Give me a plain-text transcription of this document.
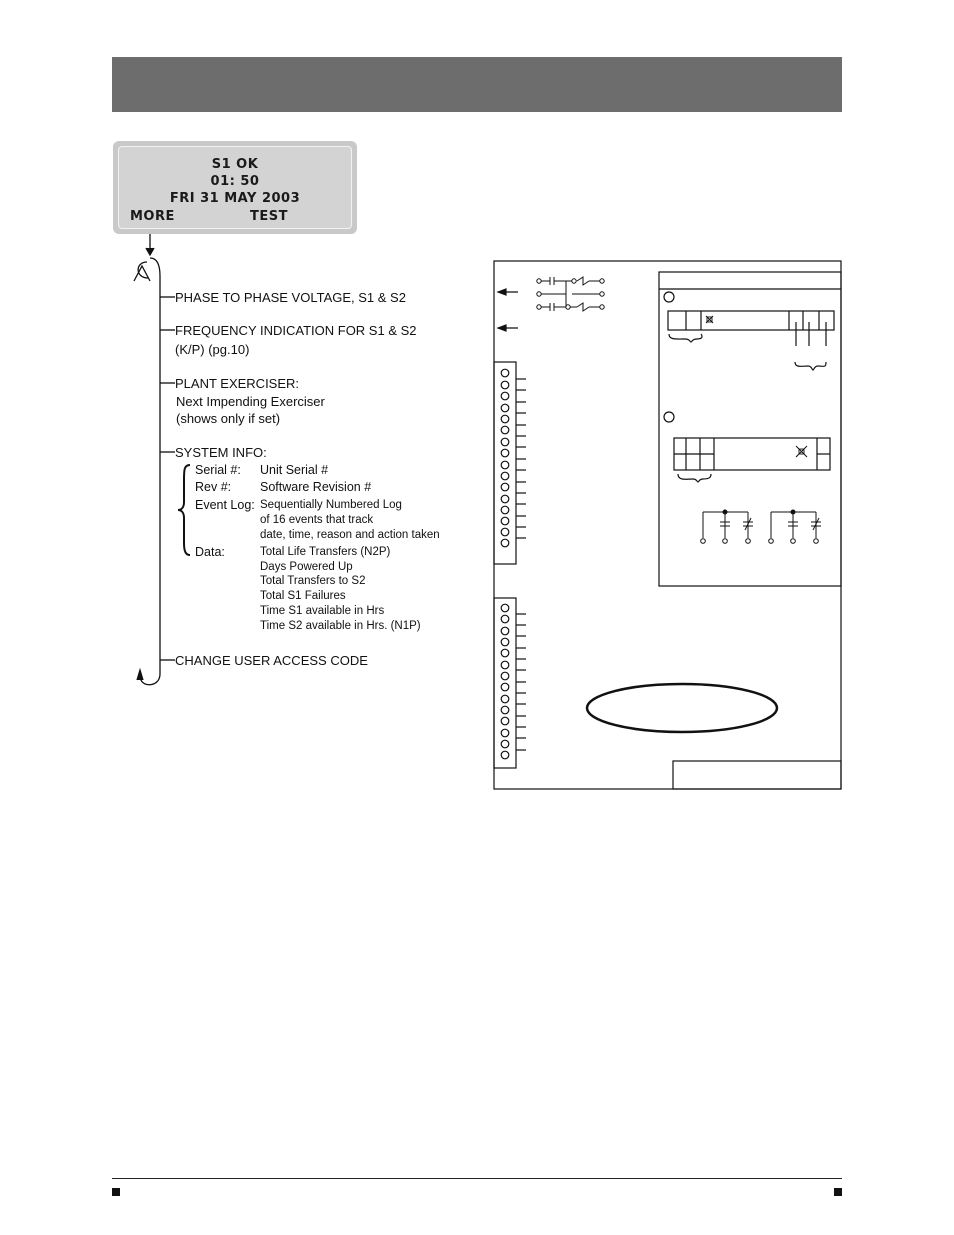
S1 OK
01: 50
FRI 31 MAY 2003
MORE	TEST
PHASE TO PHASE VOLTAGE, S1 & S2
FREQUENCY INDICATION FOR S1 & S2
(K/P) (pg.10)
PLANT EXERCISER:
Next Impending Exerciser
(shows only if set)
SYSTEM INFO:
Serial #: Unit Serial #
Rev #: Software Revision #
Event Log: Sequentially Numbered Log
of 16 events that track
date, time, reason and action taken
Data:	Total Life Transfers (N2P)
Days Powered Up
Total Transfers to S2
Total S1 Failures
Time S1 available in Hrs
Time S2 available in Hrs. (N1P)
CHANGE USER ACCESS CODE
